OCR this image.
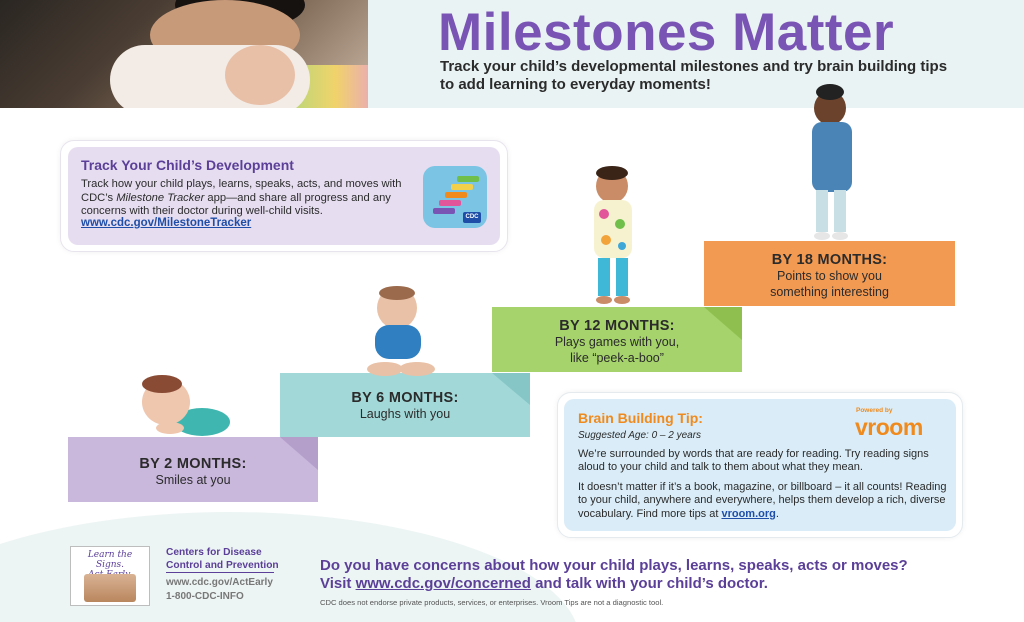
Milestones Matter
Track your child’s developmental milestones and try brain building tips to add learning to everyday moments!
Track Your Child’s Development
Track how your child plays, learns, speaks, acts, and moves with CDC’s Milestone Tracker app—and share all progress and any concerns with their doctor during well-child visits.
www.cdc.gov/MilestoneTracker	CDC
BY 2 MONTHS:
Smiles at you
BY 6 MONTHS:
Laughs with you
BY 12 MONTHS:
Plays games with you,
like “peek-a-boo”
BY 18 MONTHS:
Points to show you
something interesting
Brain Building Tip:
Suggested Age: 0 – 2 years
We’re surrounded by words that are ready for reading. Try reading signs aloud to your child and talk to them about what they mean.
It doesn’t matter if it’s a book, magazine, or billboard – it all counts! Reading to your child, anywhere and everywhere, helps them develop a rich, diverse vocabulary. Find more tips at vroom.org.
Powered by
vroom
Learn the Signs.
Centers for Disease
Control and Prevention
www.cdc.gov/ActEarly
1-800-CDC-INFO
Do you have concerns about how your child plays, learns, speaks, acts or moves?
Visit www.cdc.gov/concerned and talk with your child’s doctor.
CDC does not endorse private products, services, or enterprises. Vroom Tips are not a diagnostic tool.
